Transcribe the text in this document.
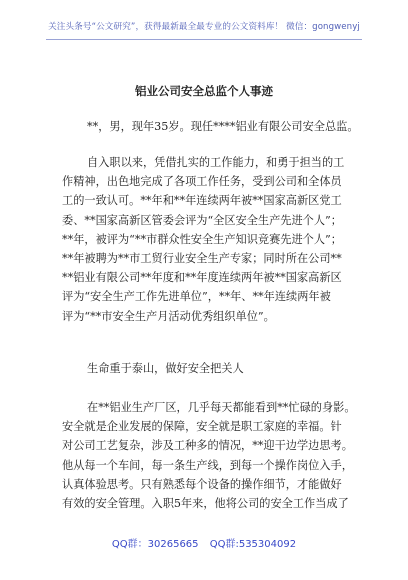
关注头条号“公文研究”，获得最新最全最专业的公文资料库！ 微信：gongwenyj
铝业公司安全总监个人事迹
**，男，现年35岁。现任****铝业有限公司安全总监。
自入职以来，凭借扎实的工作能力，和勇于担当的工
作精神，出色地完成了各项工作任务，受到公司和全体员
工的一致认可。**年和**年连续两年被**国家高新区党工
委、**国家高新区管委会评为“全区安全生产先进个人”；
**年，被评为“**市群众性安全生产知识竞赛先进个人”；
**年被聘为**市工贸行业安全生产专家；同时所在公司**
**铝业有限公司**年度和**年度连续两年被**国家高新区
评为“安全生产工作先进单位”，**年、**年连续两年被
评为“**市安全生产月活动优秀组织单位”。
生命重于泰山，做好安全把关人
在**铝业生产厂区，几乎每天都能看到**忙碌的身影。
安全就是企业发展的保障，安全就是职工家庭的幸福。针
对公司工艺复杂，涉及工种多的情况，**迎干边学边思考。
他从每一个车间，每一条生产线，到每一个操作岗位入手，
认真体验思考。只有熟悉每个设备的操作细节，才能做好
有效的安全管理。入职5年来，他将公司的安全工作当成了
QQ群：30265665 QQ群:535304092
